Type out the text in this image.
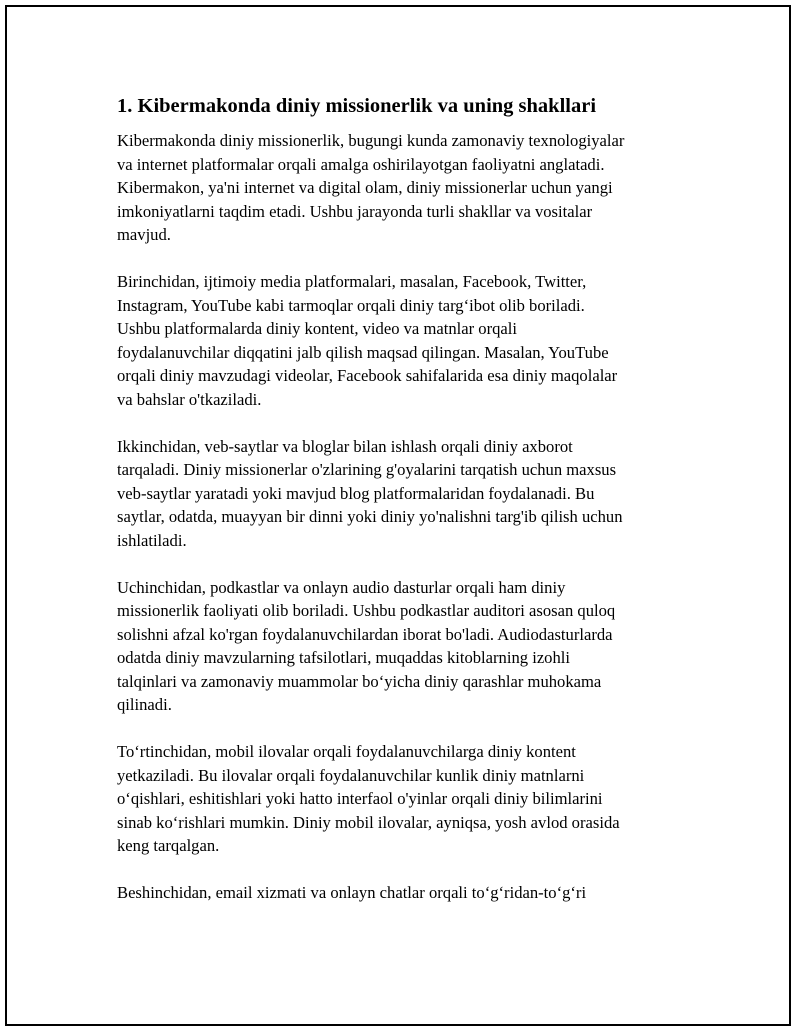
1. Kibermakonda diniy missionerlik va uning shakllari
Kibermakonda diniy missionerlik, bugungi kunda zamonaviy texnologiyalar
va internet platformalar orqali amalga oshirilayotgan faoliyatni anglatadi.
Kibermakon, ya'ni internet va digital olam, diniy missionerlar uchun yangi
imkoniyatlarni taqdim etadi. Ushbu jarayonda turli shakllar va vositalar
mavjud.
Birinchidan, ijtimoiy media platformalari, masalan, Facebook, Twitter,
Instagram, YouTube kabi tarmoqlar orqali diniy targ‘ibot olib boriladi.
Ushbu platformalarda diniy kontent, video va matnlar orqali
foydalanuvchilar diqqatini jalb qilish maqsad qilingan. Masalan, YouTube
orqali diniy mavzudagi videolar, Facebook sahifalarida esa diniy maqolalar
va bahslar o'tkaziladi.
Ikkinchidan, veb-saytlar va bloglar bilan ishlash orqali diniy axborot
tarqaladi. Diniy missionerlar o'zlarining g'oyalarini tarqatish uchun maxsus
veb-saytlar yaratadi yoki mavjud blog platformalaridan foydalanadi. Bu
saytlar, odatda, muayyan bir dinni yoki diniy yo'nalishni targ'ib qilish uchun
ishlatiladi.
Uchinchidan, podkastlar va onlayn audio dasturlar orqali ham diniy
missionerlik faoliyati olib boriladi. Ushbu podkastlar auditori asosan quloq
solishni afzal ko'rgan foydalanuvchilardan iborat bo'ladi. Audiodasturlarda
odatda diniy mavzularning tafsilotlari, muqaddas kitoblarning izohli
talqinlari va zamonaviy muammolar bo‘yicha diniy qarashlar muhokama
qilinadi.
To‘rtinchidan, mobil ilovalar orqali foydalanuvchilarga diniy kontent
yetkaziladi. Bu ilovalar orqali foydalanuvchilar kunlik diniy matnlarni
o‘qishlari, eshitishlari yoki hatto interfaol o'yinlar orqali diniy bilimlarini
sinab ko‘rishlari mumkin. Diniy mobil ilovalar, ayniqsa, yosh avlod orasida
keng tarqalgan.
Beshinchidan, email xizmati va onlayn chatlar orqali to‘g‘ridan-to‘g‘ri
